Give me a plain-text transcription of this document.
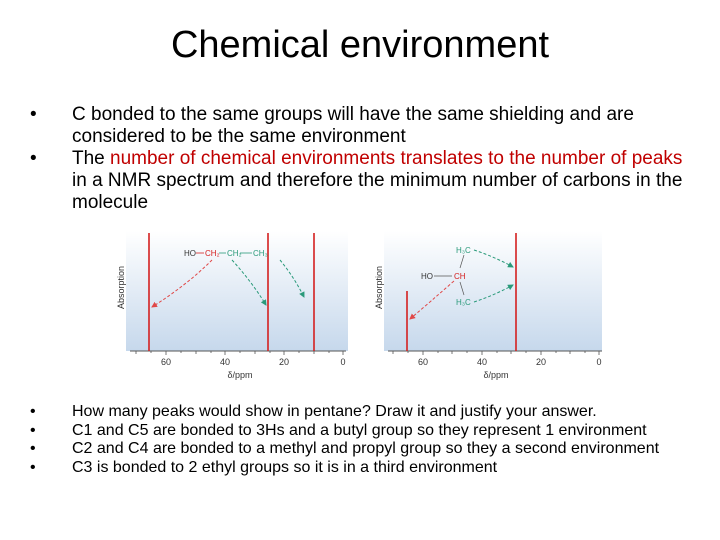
Chemical environment
• C bonded to the same groups will have the same shielding and are considered to be the same environment
• The number of chemical environments translates to the number of peaks in a NMR spectrum and therefore the minimum number of carbons in the molecule
Absorption
60	40	20	0
δ/ppm
HO CH₂ CH₂ CH₃
Absorption
60	40	20	0
δ/ppm
H₃C
HO	CH
H₃C
• How many peaks would show in pentane? Draw it and justify your answer.
• C1 and C5 are bonded to 3Hs and a butyl group so they represent 1 environment
• C2 and C4 are bonded to a methyl and propyl group so they a second environment
• C3 is bonded to 2 ethyl groups so it is in a third environment
